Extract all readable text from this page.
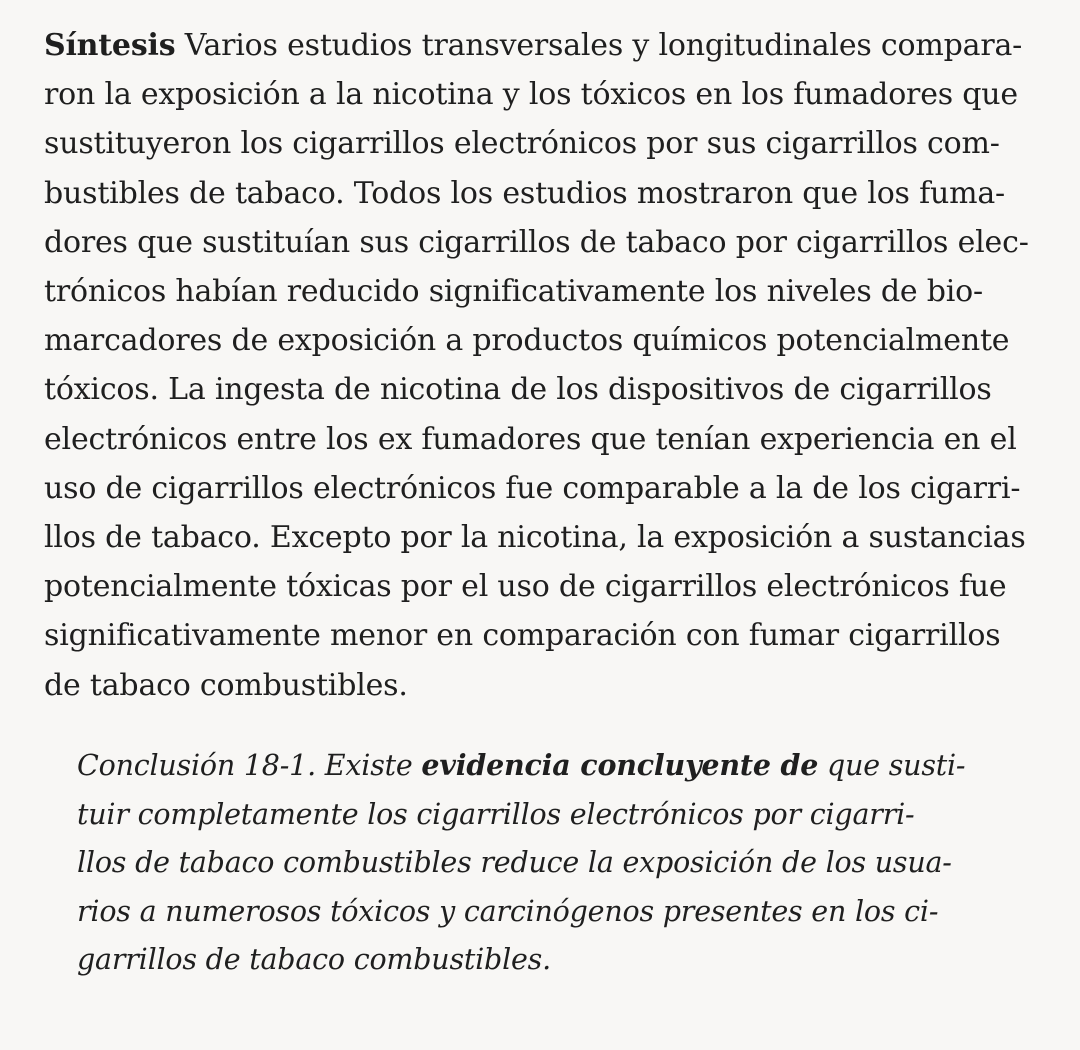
Síntesis Varios estudios transversales y longitudinales compara-
ron la exposición a la nicotina y los tóxicos en los fumadores que
sustituyeron los cigarrillos electrónicos por sus cigarrillos com-
bustibles de tabaco. Todos los estudios mostraron que los fuma-
dores que sustituían sus cigarrillos de tabaco por cigarrillos elec-
trónicos habían reducido significativamente los niveles de bio-
marcadores de exposición a productos químicos potencialmente
tóxicos. La ingesta de nicotina de los dispositivos de cigarrillos
electrónicos entre los ex fumadores que tenían experiencia en el
uso de cigarrillos electrónicos fue comparable a la de los cigarri-
llos de tabaco. Excepto por la nicotina, la exposición a sustancias
potencialmente tóxicas por el uso de cigarrillos electrónicos fue
significativamente menor en comparación con fumar cigarrillos
de tabaco combustibles.
Conclusión 18-1. Existe evidencia concluyente de que susti-
tuir completamente los cigarrillos electrónicos por cigarri-
llos de tabaco combustibles reduce la exposición de los usua-
rios a numerosos tóxicos y carcinógenos presentes en los ci-
garrillos de tabaco combustibles.
